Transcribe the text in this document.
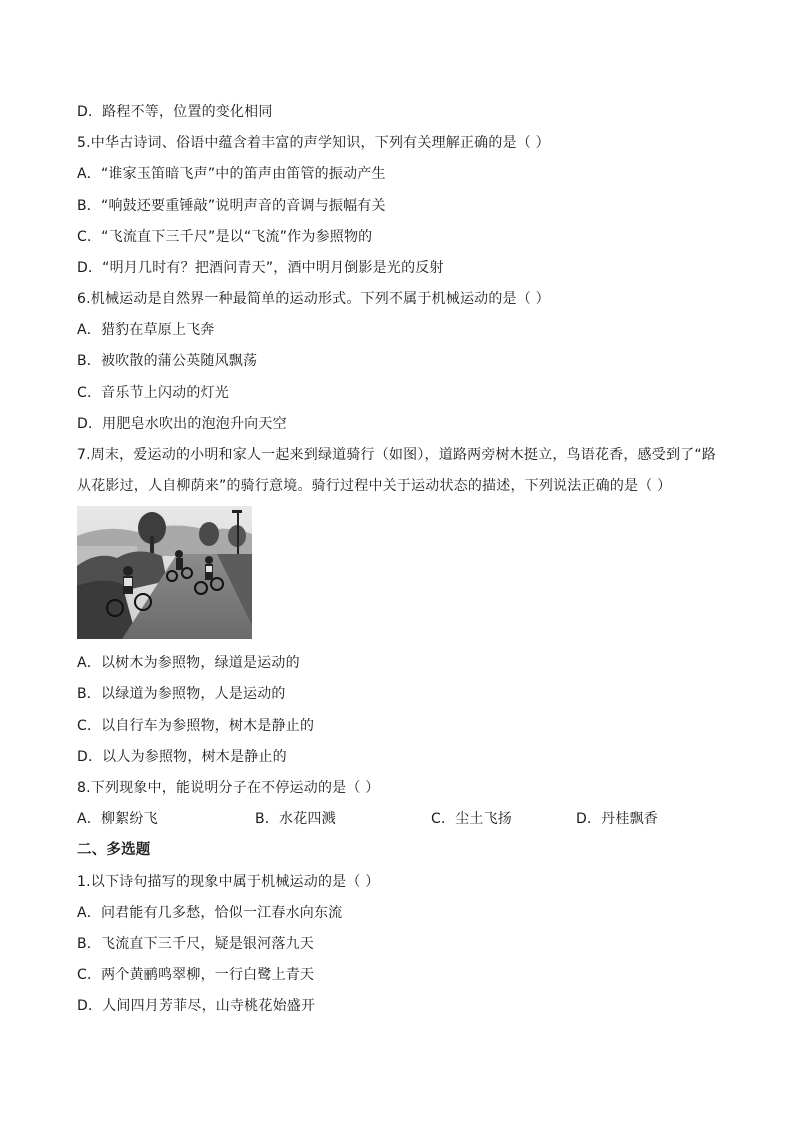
D．路程不等，位置的变化相同
5.中华古诗词、俗语中蕴含着丰富的声学知识，下列有关理解正确的是（ ）
A．“谁家玉笛暗飞声”中的笛声由笛管的振动产生
B．“响鼓还要重锤敲”说明声音的音调与振幅有关
C．“飞流直下三千尺”是以“飞流”作为参照物的
D．“明月几时有？把酒问青天”，酒中明月倒影是光的反射
6.机械运动是自然界一种最简单的运动形式。下列不属于机械运动的是（ ）
A．猎豹在草原上飞奔
B．被吹散的蒲公英随风飘荡
C．音乐节上闪动的灯光
D．用肥皂水吹出的泡泡升向天空
7.周末，爱运动的小明和家人一起来到绿道骑行（如图），道路两旁树木挺立，鸟语花香，感受到了“路
从花影过，人自柳荫来”的骑行意境。骑行过程中关于运动状态的描述，下列说法正确的是（ ）
A．以树木为参照物，绿道是运动的
B．以绿道为参照物，人是运动的
C．以自行车为参照物，树木是静止的
D．以人为参照物，树木是静止的
8.下列现象中，能说明分子在不停运动的是（ ）
A．柳絮纷飞	B．水花四溅	C．尘土飞扬	D．丹桂飘香
二、多选题
1.以下诗句描写的现象中属于机械运动的是（ ）
A．问君能有几多愁，恰似一江春水向东流
B．飞流直下三千尺，疑是银河落九天
C．两个黄鹂鸣翠柳，一行白鹭上青天
D．人间四月芳菲尽，山寺桃花始盛开
